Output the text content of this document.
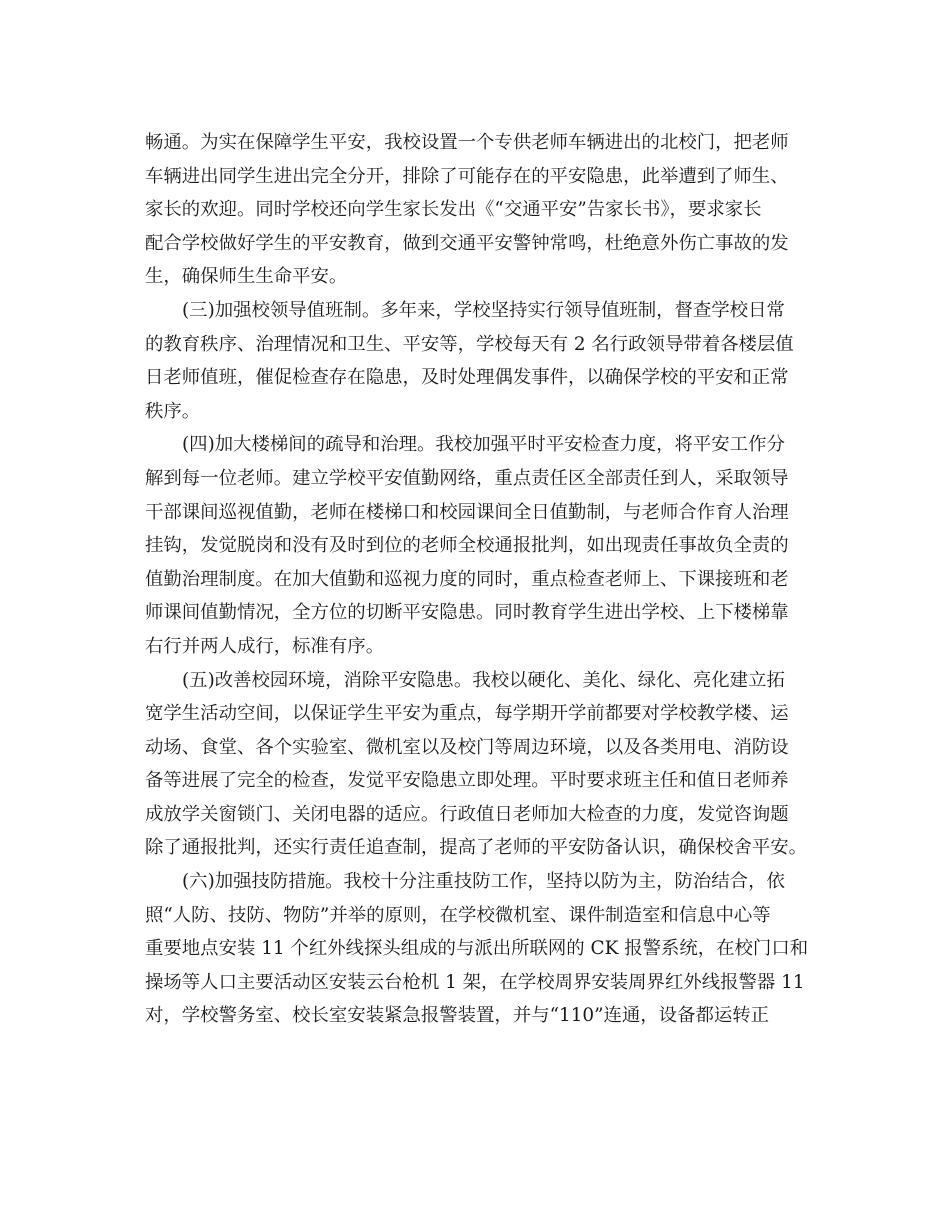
畅通。为实在保障学生平安，我校设置一个专供老师车辆进出的北校门，把老师
车辆进出同学生进出完全分开，排除了可能存在的平安隐患，此举遭到了师生、
家长的欢迎。同时学校还向学生家长发出《“交通平安”告家长书》，要求家长
配合学校做好学生的平安教育，做到交通平安警钟常鸣，杜绝意外伤亡事故的发
生，确保师生生命平安。
(三)加强校领导值班制。多年来，学校坚持实行领导值班制，督查学校日常
的教育秩序、治理情况和卫生、平安等，学校每天有 2 名行政领导带着各楼层值
日老师值班，催促检查存在隐患，及时处理偶发事件，以确保学校的平安和正常
秩序。
(四)加大楼梯间的疏导和治理。我校加强平时平安检查力度，将平安工作分
解到每一位老师。建立学校平安值勤网络，重点责任区全部责任到人，采取领导
干部课间巡视值勤，老师在楼梯口和校园课间全日值勤制，与老师合作育人治理
挂钩，发觉脱岗和没有及时到位的老师全校通报批判，如出现责任事故负全责的
值勤治理制度。在加大值勤和巡视力度的同时，重点检查老师上、下课接班和老
师课间值勤情况，全方位的切断平安隐患。同时教育学生进出学校、上下楼梯靠
右行并两人成行，标准有序。
(五)改善校园环境，消除平安隐患。我校以硬化、美化、绿化、亮化建立拓
宽学生活动空间，以保证学生平安为重点，每学期开学前都要对学校教学楼、运
动场、食堂、各个实验室、微机室以及校门等周边环境，以及各类用电、消防设
备等进展了完全的检查，发觉平安隐患立即处理。平时要求班主任和值日老师养
成放学关窗锁门、关闭电器的适应。行政值日老师加大检查的力度，发觉咨询题
除了通报批判，还实行责任追查制，提高了老师的平安防备认识，确保校舍平安。
(六)加强技防措施。我校十分注重技防工作，坚持以防为主，防治结合，依
照“人防、技防、物防”并举的原则，在学校微机室、课件制造室和信息中心等
重要地点安装 11 个红外线探头组成的与派出所联网的 CK 报警系统，在校门口和
操场等人口主要活动区安装云台枪机 1 架，在学校周界安装周界红外线报警器 11
对，学校警务室、校长室安装紧急报警装置，并与“110”连通，设备都运转正
